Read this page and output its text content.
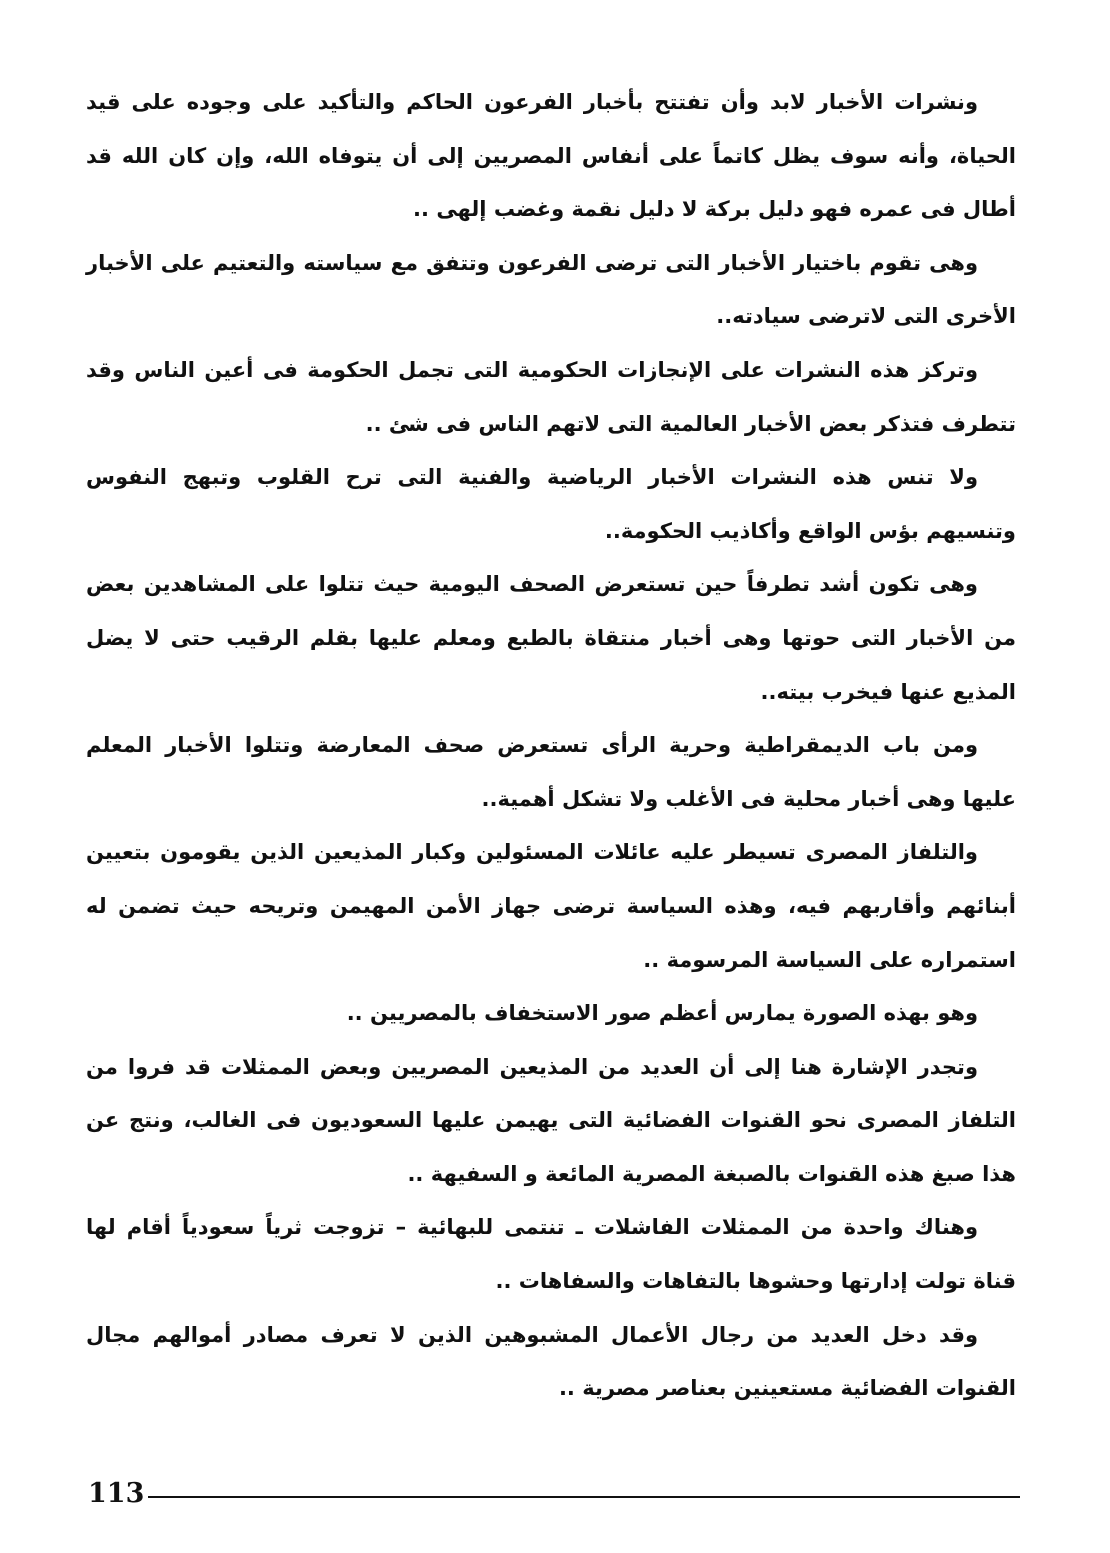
ونشرات الأخبار لابد وأن تفتتح بأخبار الفرعون الحاكم والتأكيد على وجوده على قيد الحياة، وأنه سوف يظل كاتماً على أنفاس المصريين إلى أن يتوفاه الله، وإن كان الله قد أطال فى عمره فهو دليل بركة لا دليل نقمة وغضب إلهى ..

وهى تقوم باختيار الأخبار التى ترضى الفرعون وتتفق مع سياسته والتعتيم على الأخبار الأخرى التى لاترضى سيادته..

وتركز هذه النشرات على الإنجازات الحكومية التى تجمل الحكومة فى أعين الناس وقد تتطرف فتذكر بعض الأخبار العالمية التى لاتهم الناس فى شئ ..

ولا تنس هذه النشرات الأخبار الرياضية والفنية التى ترح القلوب وتبهج النفوس وتنسيهم بؤس الواقع وأكاذيب الحكومة..

وهى تكون أشد تطرفاً حين تستعرض الصحف اليومية حيث تتلوا على المشاهدين بعض من الأخبار التى حوتها وهى أخبار منتقاة بالطبع ومعلم عليها بقلم الرقيب حتى لا يضل المذيع عنها فيخرب بيته..

ومن باب الديمقراطية وحرية الرأى تستعرض صحف المعارضة وتتلوا الأخبار المعلم عليها وهى أخبار محلية فى الأغلب ولا تشكل أهمية..

والتلفاز المصرى تسيطر عليه عائلات المسئولين وكبار المذيعين الذين يقومون بتعيين أبنائهم وأقاربهم فيه، وهذه السياسة ترضى جهاز الأمن المهيمن وتريحه حيث تضمن له استمراره على السياسة المرسومة ..

وهو بهذه الصورة يمارس أعظم صور الاستخفاف بالمصريين ..

وتجدر الإشارة هنا إلى أن العديد من المذيعين المصريين وبعض الممثلات قد فروا من التلفاز المصرى نحو القنوات الفضائية التى يهيمن عليها السعوديون فى الغالب، ونتج عن هذا صبغ هذه القنوات بالصبغة المصرية المائعة و السفيهة ..

وهناك واحدة من الممثلات الفاشلات ـ تنتمى للبهائية – تزوجت ثرياً سعودياً أقام لها قناة تولت إدارتها وحشوها بالتفاهات والسفاهات ..

وقد دخل العديد من رجال الأعمال المشبوهين الذين لا تعرف مصادر أموالهم مجال القنوات الفضائية مستعينين بعناصر مصرية ..

113
